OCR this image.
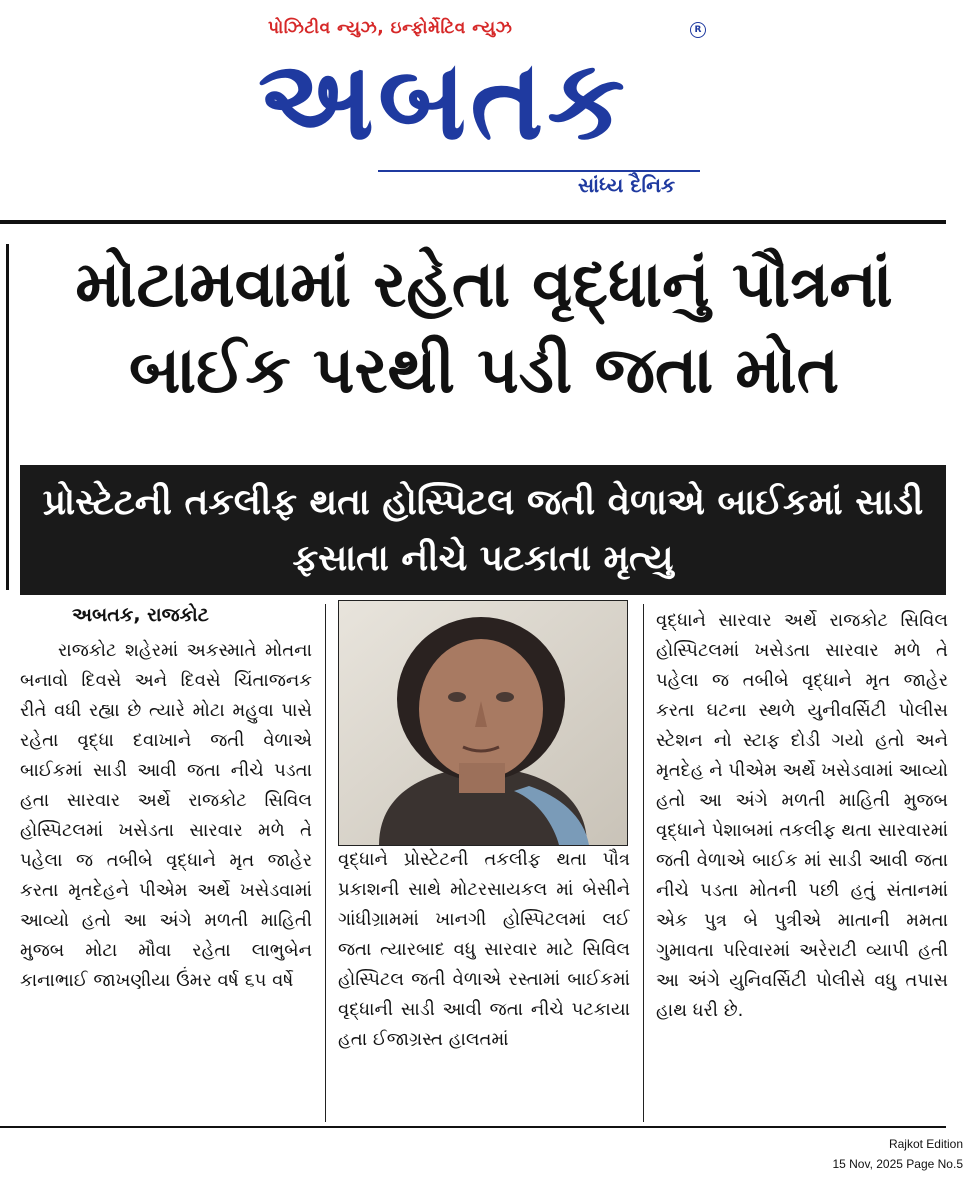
પોઝિટીવ ન્યુઝ, ઇન્ફોર્મેટિવ ન્યુઝ	R
અબતક
સાંધ્ય દૈનિક
મોટામવામાં રહેતા વૃદ્ધાનું પૌત્રનાં બાઈક પરથી પડી જતા મોત
પ્રોસ્ટેટની તકલીફ થતા હોસ્પિટલ જતી વેળાએ બાઈકમાં સાડી ફસાતા નીચે પટકાતા મૃત્યુ
અબતક, રાજકોટ
રાજકોટ શહેરમાં અકસ્માતે મોતના બનાવો દિવસે અને દિવસે ચિંતાજનક રીતે વધી રહ્યા છે ત્યારે મોટા મહુવા પાસે રહેતા વૃદ્ધા દવાખાને જતી વેળાએ બાઈકમાં સાડી આવી જતા નીચે પડતા હતા સારવાર અર્થે રાજકોટ સિવિલ હોસ્પિટલમાં ખસેડતા સારવાર મળે તે પહેલા જ તબીબે વૃદ્ધાને મૃત જાહેર કરતા મૃતદેહને પીએમ અર્થે ખસેડવામાં આવ્યો હતો આ અંગે મળતી માહિતી મુજબ મોટા મૌવા રહેતા લાભુબેન કાનાભાઈ જાખણીયા ઉંમર વર્ષ ૬૫ વર્ષે
વૃદ્ધાને પ્રોસ્ટેટની તકલીફ થતા પૌત્ર પ્રકાશની સાથે મોટરસાયકલ માં બેસીને ગાંધીગ્રામમાં ખાનગી હોસ્પિટલમાં લઈ જતા ત્યારબાદ વધુ સારવાર માટે સિવિલ હોસ્પિટલ જતી વેળાએ રસ્તામાં બાઈકમાં વૃદ્ધાની સાડી આવી જતા નીચે પટકાયા હતા ઈજાગ્રસ્ત હાલતમાં
વૃદ્ધાને સારવાર અર્થે રાજકોટ સિવિલ હોસ્પિટલમાં ખસેડતા સારવાર મળે તે પહેલા જ તબીબે વૃદ્ધાને મૃત જાહેર કરતા ઘટના સ્થળે યુનીવર્સિટી પોલીસ સ્ટેશન નો સ્ટાફ દોડી ગયો હતો અને મૃતદેહ ને પીએમ અર્થે ખસેડવામાં આવ્યો હતો આ અંગે મળતી માહિતી મુજબ વૃદ્ધાને પેશાબમાં તકલીફ થતા સારવારમાં જતી વેળાએ બાઈક માં સાડી આવી જતા નીચે પડતા મોતની પછી હતું સંતાનમાં એક પુત્ર બે પુત્રીએ માતાની મમતા ગુમાવતા પરિવારમાં અરેરાટી વ્યાપી હતી આ અંગે યુનિવર્સિટી પોલીસે વધુ તપાસ હાથ ધરી છે.
Rajkot Edition
15 Nov, 2025 Page No.5
